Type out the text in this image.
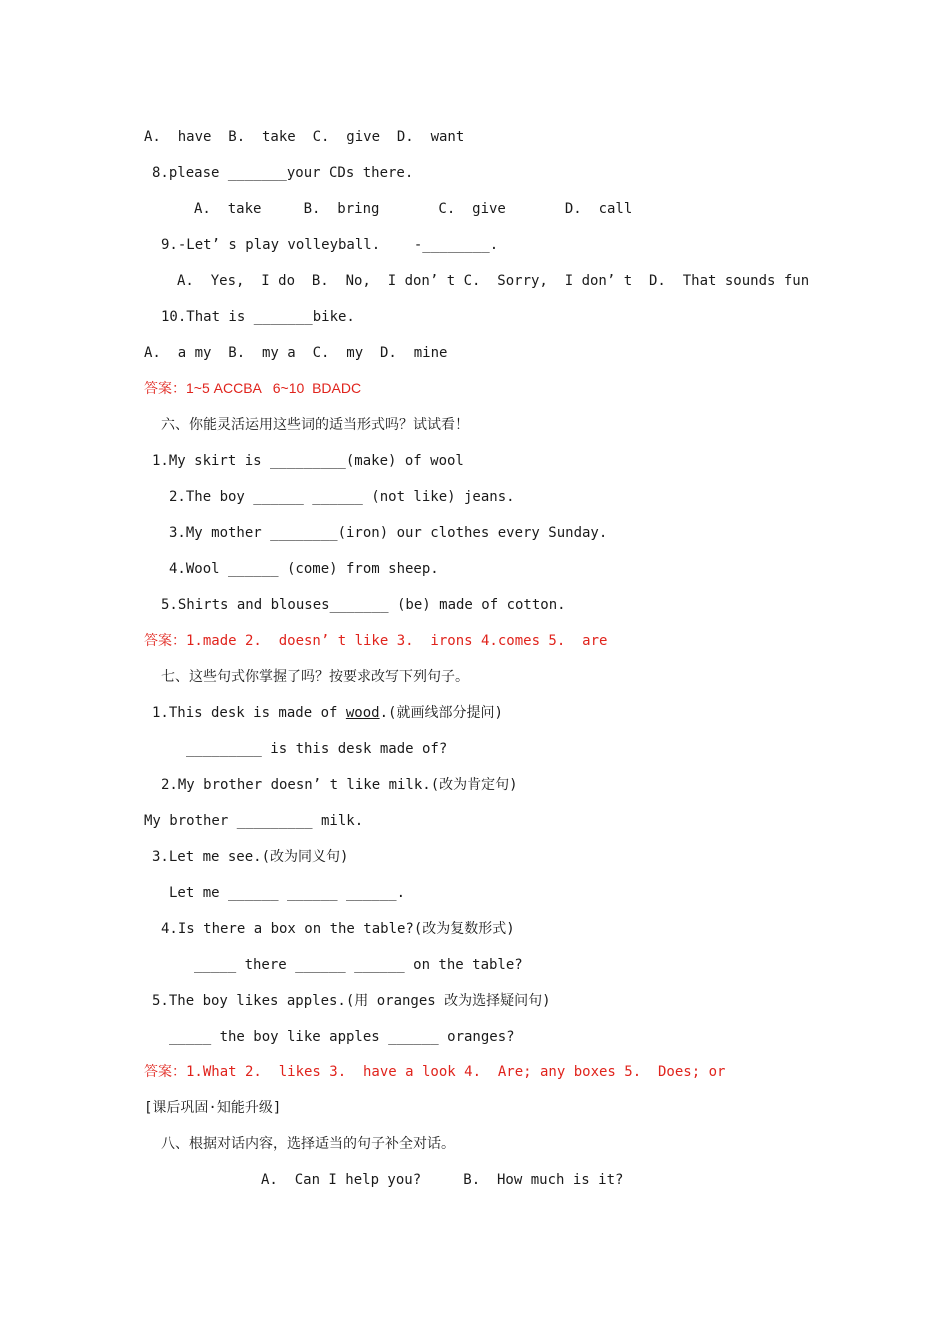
A.  have  B.  take  C.  give  D.  want
8.please _______your CDs there.
A.  take     B.  bring       C.  give       D.  call
9.-Let’ s play volleyball.    -________.
A.  Yes,  I do  B.  No,  I don’ t C.  Sorry,  I don’ t  D.  That sounds fun
10.That is _______bike.
A.  a my  B.  my a  C.  my  D.  mine
答案：1~5 ACCBA   6~10  BDADC
六、你能灵活运用这些词的适当形式吗？试试看！
1.My skirt is _________(make) of wool
2.The boy ______ ______ (not like) jeans.
3.My mother ________(iron) our clothes every Sunday.
4.Wool ______ (come) from sheep.
5.Shirts and blouses_______ (be) made of cotton.
答案：1.made 2.  doesn’ t like 3.  irons 4.comes 5.  are
七、这些句式你掌握了吗？按要求改写下列句子。
1.This desk is made of wood.(就画线部分提问)
_________ is this desk made of?
2.My brother doesn’ t like milk.(改为肯定句)
My brother _________ milk.
3.Let me see.(改为同义句)
Let me ______ ______ ______.
4.Is there a box on the table?(改为复数形式)
_____ there ______ ______ on the table?
5.The boy likes apples.(用 oranges 改为选择疑问句)
_____ the boy like apples ______ oranges?
答案：1.What 2.  likes 3.  have a look 4.  Are; any boxes 5.  Does; or
[课后巩固·知能升级]
八、根据对话内容，选择适当的句子补全对话。
A.  Can I help you?     B.  How much is it?
